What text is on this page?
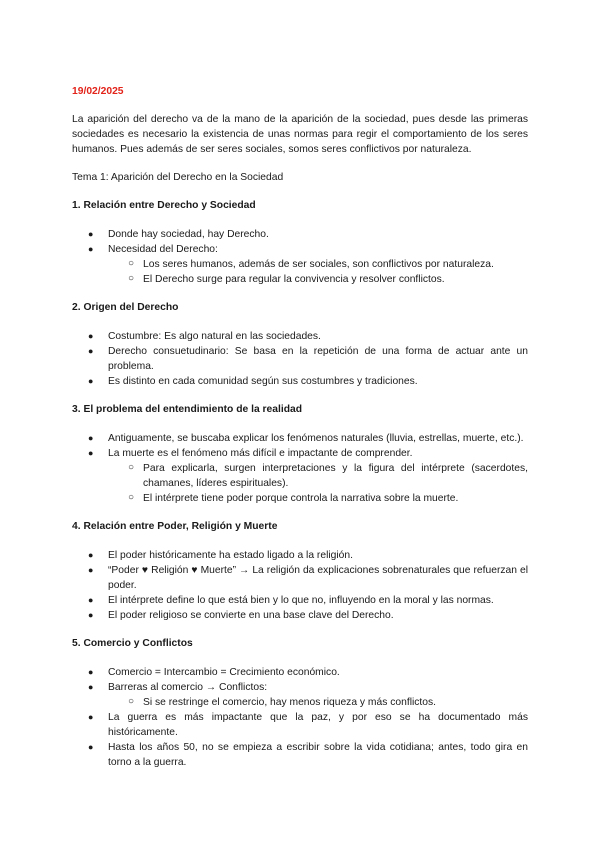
19/02/2025

La aparición del derecho va de la mano de la aparición de la sociedad, pues desde las primeras sociedades es necesario la existencia de unas normas para regir el comportamiento de los seres humanos. Pues además de ser seres sociales, somos seres conflictivos por naturaleza.

Tema 1: Aparición del Derecho en la Sociedad

1. Relación entre Derecho y Sociedad

● Donde hay sociedad, hay Derecho.
● Necesidad del Derecho:
○ Los seres humanos, además de ser sociales, son conflictivos por naturaleza.
○ El Derecho surge para regular la convivencia y resolver conflictos.

2. Origen del Derecho

● Costumbre: Es algo natural en las sociedades.
● Derecho consuetudinario: Se basa en la repetición de una forma de actuar ante un problema.
● Es distinto en cada comunidad según sus costumbres y tradiciones.

3. El problema del entendimiento de la realidad

● Antiguamente, se buscaba explicar los fenómenos naturales (lluvia, estrellas, muerte, etc.).
● La muerte es el fenómeno más difícil e impactante de comprender.
○ Para explicarla, surgen interpretaciones y la figura del intérprete (sacerdotes, chamanes, líderes espirituales).
○ El intérprete tiene poder porque controla la narrativa sobre la muerte.

4. Relación entre Poder, Religión y Muerte

● El poder históricamente ha estado ligado a la religión.
● “Poder ♥ Religión ♥ Muerte” → La religión da explicaciones sobrenaturales que refuerzan el poder.
● El intérprete define lo que está bien y lo que no, influyendo en la moral y las normas.
● El poder religioso se convierte en una base clave del Derecho.

5. Comercio y Conflictos

● Comercio = Intercambio = Crecimiento económico.
● Barreras al comercio → Conflictos:
○ Si se restringe el comercio, hay menos riqueza y más conflictos.
● La guerra es más impactante que la paz, y por eso se ha documentado más históricamente.
● Hasta los años 50, no se empieza a escribir sobre la vida cotidiana; antes, todo gira en torno a la guerra.
